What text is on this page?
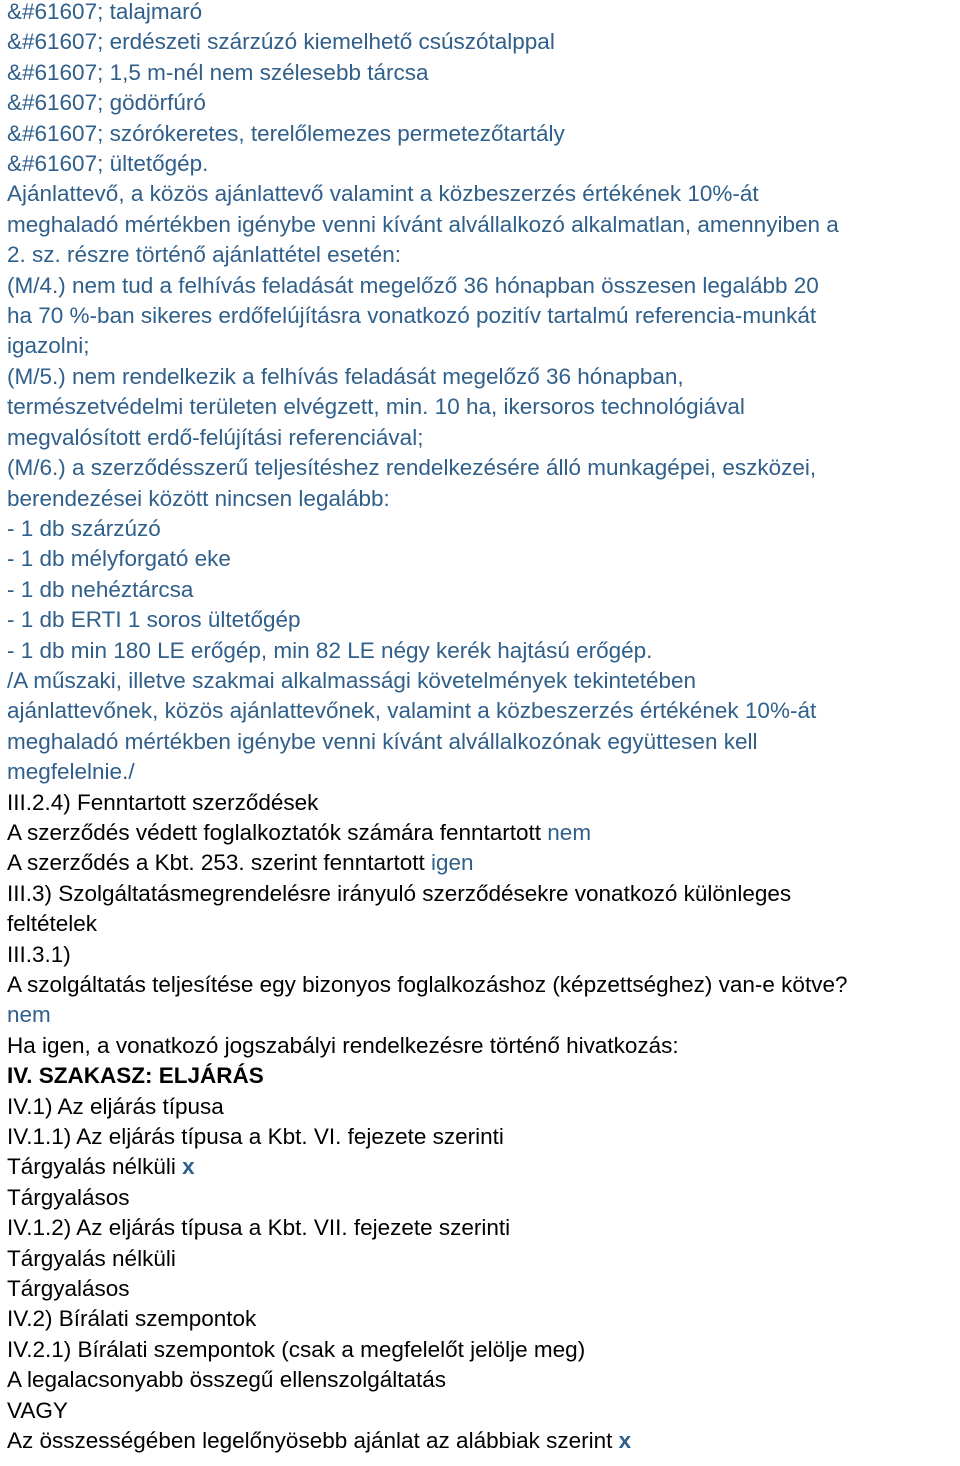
&#61607; talajmaró
&#61607; erdészeti szárzúzó kiemelhető csúszótalppal
&#61607; 1,5 m-nél nem szélesebb tárcsa
&#61607; gödörfúró
&#61607; szórókeretes, terelőlemezes permetezőtartály
&#61607; ültetőgép.
Ajánlattevő, a közös ajánlattevő valamint a közbeszerzés értékének 10%-át
meghaladó mértékben igénybe venni kívánt alvállalkozó alkalmatlan, amennyiben a
2. sz. részre történő ajánlattétel esetén:
(M/4.) nem tud a felhívás feladását megelőző 36 hónapban összesen legalább 20
ha 70 %-ban sikeres erdőfelújításra vonatkozó pozitív tartalmú referencia-munkát
igazolni;
(M/5.) nem rendelkezik a felhívás feladását megelőző 36 hónapban,
természetvédelmi területen elvégzett, min. 10 ha, ikersoros technológiával
megvalósított erdő-felújítási referenciával;
(M/6.) a szerződésszerű teljesítéshez rendelkezésére álló munkagépei, eszközei,
berendezései között nincsen legalább:
- 1 db szárzúzó
- 1 db mélyforgató eke
- 1 db nehéztárcsa
- 1 db ERTI 1 soros ültetőgép
- 1 db min 180 LE erőgép, min 82 LE négy kerék hajtású erőgép.
/A műszaki, illetve szakmai alkalmassági követelmények tekintetében
ajánlattevőnek, közös ajánlattevőnek, valamint a közbeszerzés értékének 10%-át
meghaladó mértékben igénybe venni kívánt alvállalkozónak együttesen kell
megfelelnie./
III.2.4) Fenntartott szerződések
A szerződés védett foglalkoztatók számára fenntartott nem
A szerződés a Kbt. 253. szerint fenntartott igen
III.3) Szolgáltatásmegrendelésre irányuló szerződésekre vonatkozó különleges
feltételek
III.3.1)
A szolgáltatás teljesítése egy bizonyos foglalkozáshoz (képzettséghez) van-e kötve?
nem
Ha igen, a vonatkozó jogszabályi rendelkezésre történő hivatkozás:
IV. SZAKASZ: ELJÁRÁS
IV.1) Az eljárás típusa
IV.1.1) Az eljárás típusa a Kbt. VI. fejezete szerinti
Tárgyalás nélküli x
Tárgyalásos
IV.1.2) Az eljárás típusa a Kbt. VII. fejezete szerinti
Tárgyalás nélküli
Tárgyalásos
IV.2) Bírálati szempontok
IV.2.1) Bírálati szempontok (csak a megfelelőt jelölje meg)
A legalacsonyabb összegű ellenszolgáltatás
VAGY
Az összességében legelőnyösebb ajánlat az alábbiak szerint x
